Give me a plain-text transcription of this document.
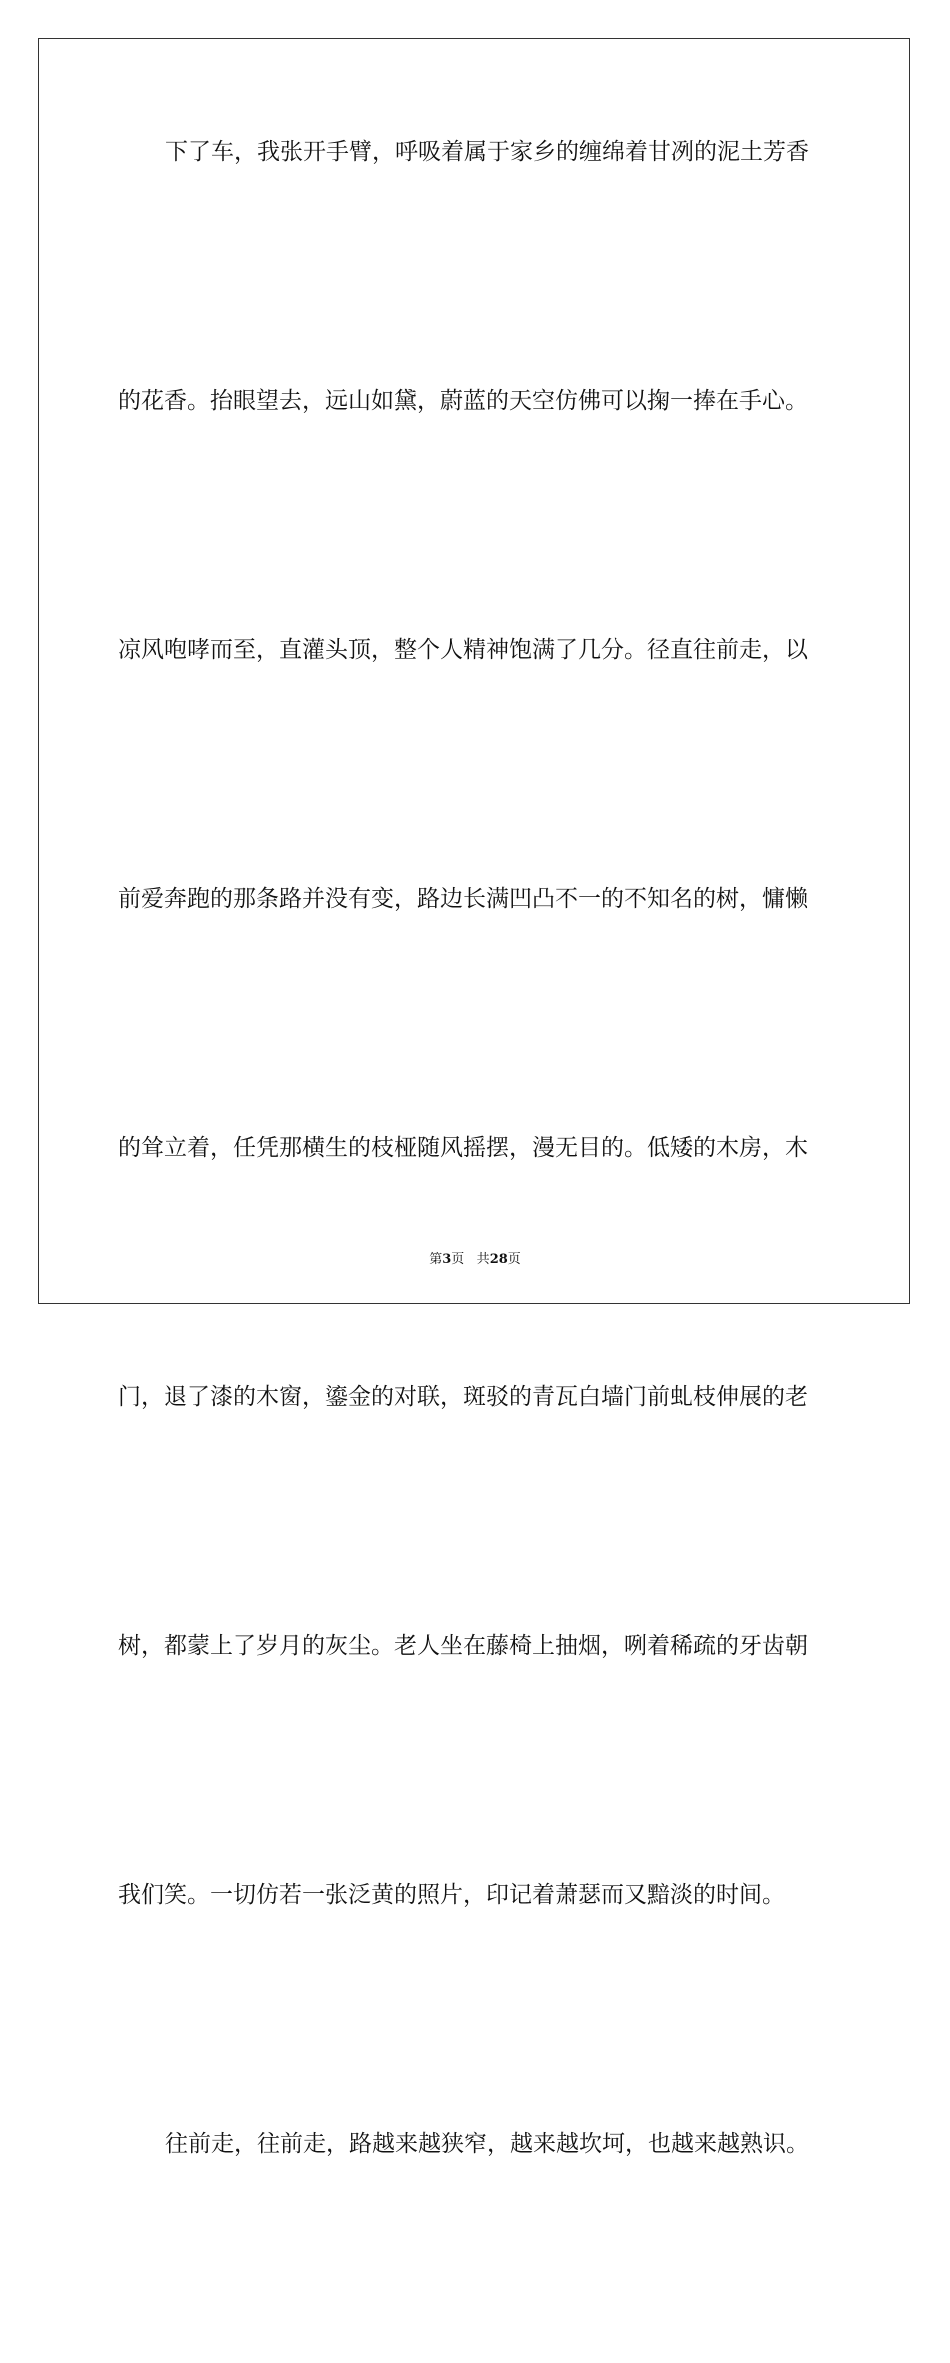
下了车，我张开手臂，呼吸着属于家乡的缠绵着甘冽的泥土芳香
的花香。抬眼望去，远山如黛，蔚蓝的天空仿佛可以掬一捧在手心。
凉风咆哮而至，直灌头顶，整个人精神饱满了几分。径直往前走，以
前爱奔跑的那条路并没有变，路边长满凹凸不一的不知名的树，慵懒
的耸立着，任凭那横生的枝桠随风摇摆，漫无目的。低矮的木房，木
门，退了漆的木窗，鎏金的对联，斑驳的青瓦白墙门前虬枝伸展的老
树，都蒙上了岁月的灰尘。老人坐在藤椅上抽烟，咧着稀疏的牙齿朝
我们笑。一切仿若一张泛黄的照片，印记着萧瑟而又黯淡的时间。
往前走，往前走，路越来越狭窄，越来越坎坷，也越来越熟识。
第3页 共28页
